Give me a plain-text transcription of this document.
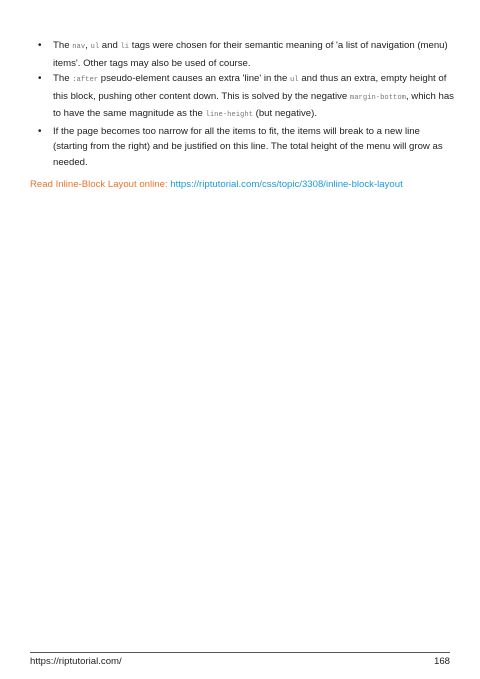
• The nav, ul and li tags were chosen for their semantic meaning of 'a list of navigation (menu) items'. Other tags may also be used of course.
• The :after pseudo-element causes an extra 'line' in the ul and thus an extra, empty height of this block, pushing other content down. This is solved by the negative margin-bottom, which has to have the same magnitude as the line-height (but negative).
• If the page becomes too narrow for all the items to fit, the items will break to a new line (starting from the right) and be justified on this line. The total height of the menu will grow as needed.
Read Inline-Block Layout online: https://riptutorial.com/css/topic/3308/inline-block-layout
https://riptutorial.com/	168
